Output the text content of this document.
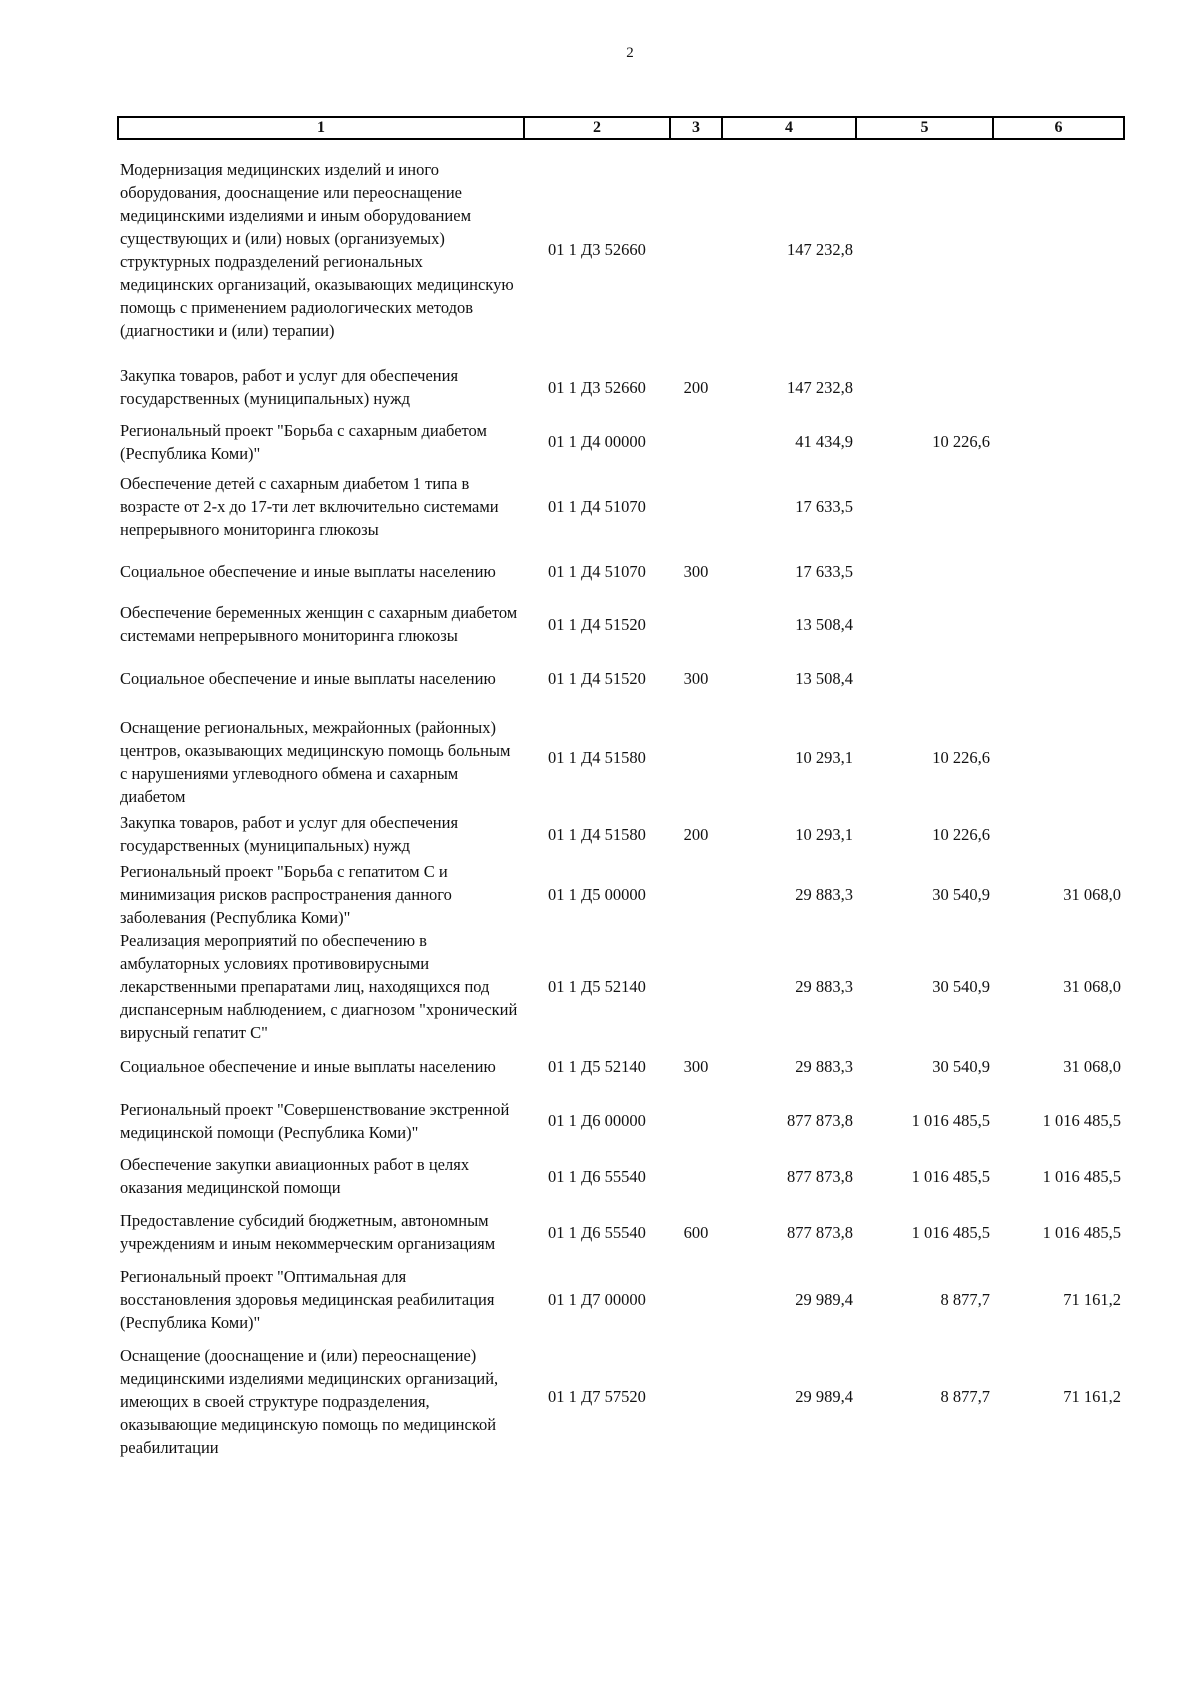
2
1	2	3	4	5	6
Модернизация медицинских изделий и иного оборудования, дооснащение или переоснащение медицинскими изделиями и иным оборудованием существующих и (или) новых (организуемых) структурных подразделений региональных медицинских организаций, оказывающих медицинскую помощь с применением радиологических методов (диагностики и (или) терапии)	01 1 Д3 52660		147 232,8		
Закупка товаров, работ и услуг для обеспечения государственных (муниципальных) нужд	01 1 Д3 52660	200	147 232,8		
Региональный проект "Борьба с сахарным диабетом (Республика Коми)"	01 1 Д4 00000		41 434,9	10 226,6	
Обеспечение детей с сахарным диабетом 1 типа в возрасте от 2-х до 17-ти лет включительно системами непрерывного мониторинга глюкозы	01 1 Д4 51070		17 633,5		
Социальное обеспечение и иные выплаты населению	01 1 Д4 51070	300	17 633,5		
Обеспечение беременных женщин с сахарным диабетом системами непрерывного мониторинга глюкозы	01 1 Д4 51520		13 508,4		
Социальное обеспечение и иные выплаты населению	01 1 Д4 51520	300	13 508,4		
Оснащение региональных, межрайонных (районных) центров, оказывающих медицинскую помощь больным с нарушениями углеводного обмена и сахарным диабетом	01 1 Д4 51580		10 293,1	10 226,6	
Закупка товаров, работ и услуг для обеспечения государственных (муниципальных) нужд	01 1 Д4 51580	200	10 293,1	10 226,6	
Региональный проект "Борьба с гепатитом С и минимизация рисков распространения данного заболевания (Республика Коми)"	01 1 Д5 00000		29 883,3	30 540,9	31 068,0
Реализация мероприятий по обеспечению в амбулаторных условиях противовирусными лекарственными препаратами лиц, находящихся под диспансерным наблюдением, с диагнозом "хронический вирусный гепатит С"	01 1 Д5 52140		29 883,3	30 540,9	31 068,0
Социальное обеспечение и иные выплаты населению	01 1 Д5 52140	300	29 883,3	30 540,9	31 068,0
Региональный проект "Совершенствование экстренной медицинской помощи (Республика Коми)"	01 1 Д6 00000		877 873,8	1 016 485,5	1 016 485,5
Обеспечение закупки авиационных работ в целях оказания медицинской помощи	01 1 Д6 55540		877 873,8	1 016 485,5	1 016 485,5
Предоставление субсидий бюджетным, автономным учреждениям и иным некоммерческим организациям	01 1 Д6 55540	600	877 873,8	1 016 485,5	1 016 485,5
Региональный проект "Оптимальная для восстановления здоровья медицинская реабилитация (Республика Коми)"	01 1 Д7 00000		29 989,4	8 877,7	71 161,2
Оснащение (дооснащение и (или) переоснащение) медицинскими изделиями медицинских организаций, имеющих в своей структуре подразделения, оказывающие медицинскую помощь по медицинской реабилитации	01 1 Д7 57520		29 989,4	8 877,7	71 161,2
